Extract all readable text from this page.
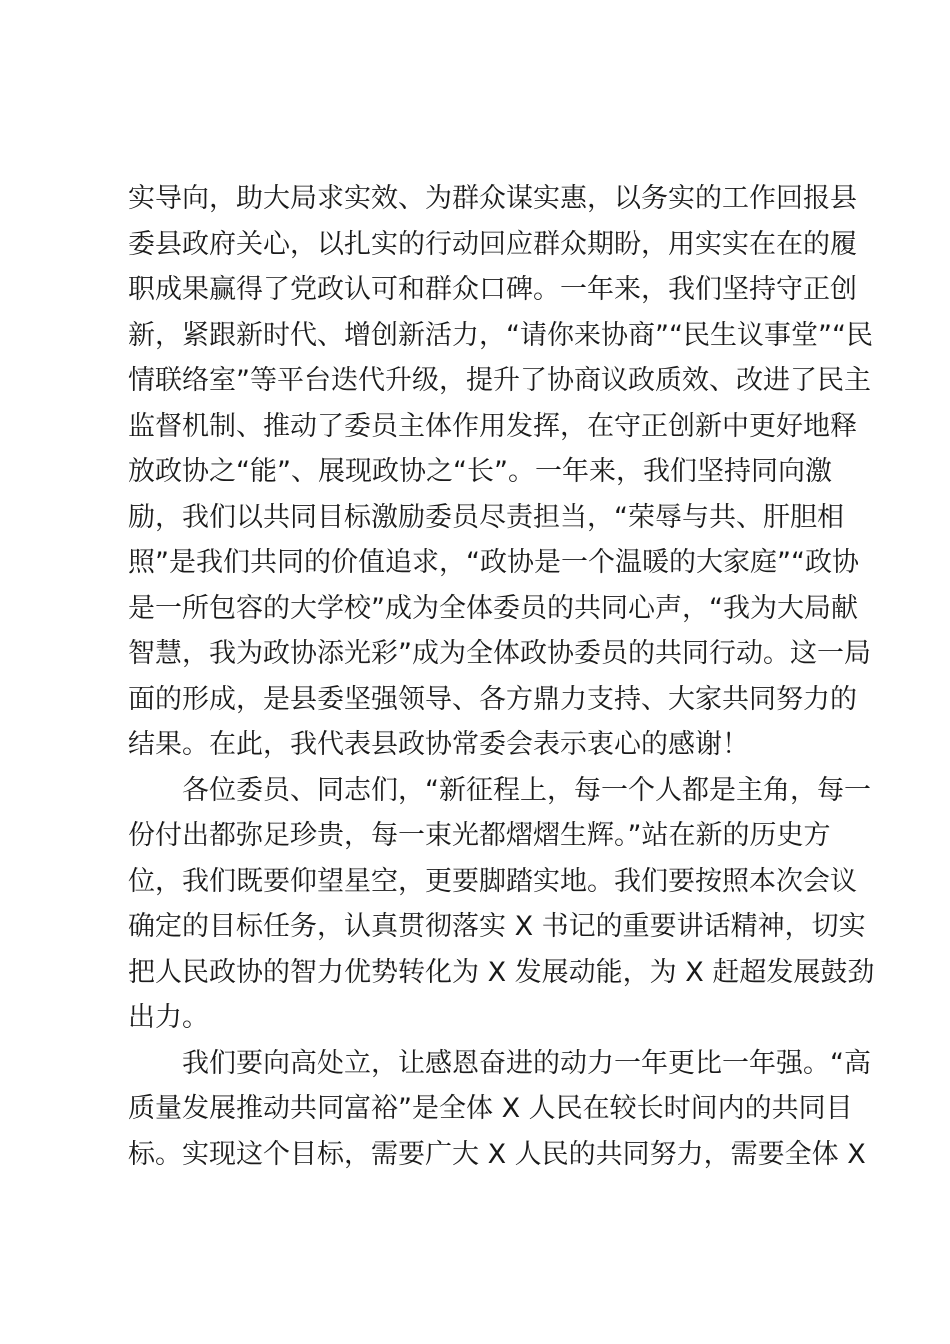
实导向，助大局求实效、为群众谋实惠，以务实的工作回报县
委县政府关心，以扎实的行动回应群众期盼，用实实在在的履
职成果赢得了党政认可和群众口碑。一年来，我们坚持守正创
新，紧跟新时代、增创新活力，“请你来协商”“民生议事堂”“民
情联络室”等平台迭代升级，提升了协商议政质效、改进了民主
监督机制、推动了委员主体作用发挥，在守正创新中更好地释
放政协之“能”、展现政协之“长”。一年来，我们坚持同向激
励，我们以共同目标激励委员尽责担当，“荣辱与共、肝胆相
照”是我们共同的价值追求，“政协是一个温暖的大家庭”“政协
是一所包容的大学校”成为全体委员的共同心声，“我为大局献
智慧，我为政协添光彩”成为全体政协委员的共同行动。这一局
面的形成，是县委坚强领导、各方鼎力支持、大家共同努力的
结果。在此，我代表县政协常委会表示衷心的感谢！
各位委员、同志们，“新征程上，每一个人都是主角，每一
份付出都弥足珍贵，每一束光都熠熠生辉。”站在新的历史方
位，我们既要仰望星空，更要脚踏实地。我们要按照本次会议
确定的目标任务，认真贯彻落实 X 书记的重要讲话精神，切实
把人民政协的智力优势转化为 X 发展动能，为 X 赶超发展鼓劲
出力。
我们要向高处立，让感恩奋进的动力一年更比一年强。“高
质量发展推动共同富裕”是全体 X 人民在较长时间内的共同目
标。实现这个目标，需要广大 X 人民的共同努力，需要全体 X
